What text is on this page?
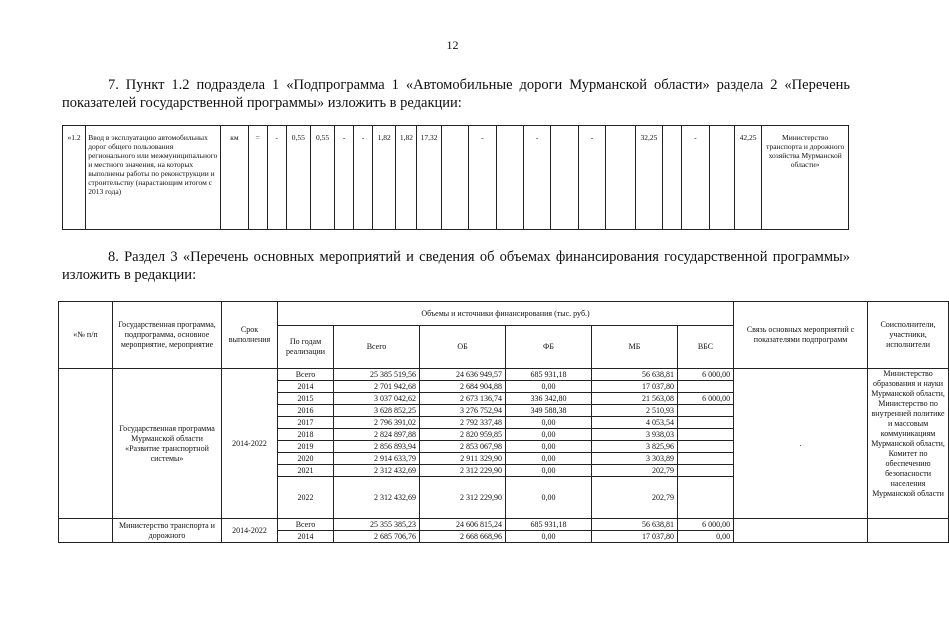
12
7. Пункт 1.2 подраздела 1 «Подпрограмма 1 «Автомобильные дороги Мурманской области» раздела 2 «Перечень показателей государственной программы» изложить в редакции:
«1.2	Ввод в эксплуатацию автомобильных дорог общего пользования регионального или межмуниципального и местного значения, на которых выполнены работы по реконструкции и строительству (нарастающим итогом с 2013 года)	км	=	-	0,55	0,55	-	-	1,82	1,82	17,32		-		-		-		32,25		-		42,25	Министерство транспорта и дорожного хозяйства Мурманской области»
8. Раздел 3 «Перечень основных мероприятий и сведения об объемах финансирования государственной программы» изложить в редакции:
«№ п/п	Государственная программа, подпрограмма, основное мероприятие, мероприятие	Срок выполнения	Объемы и источники финансирования (тыс. руб.)						Связь основных мероприятий с показателями подпрограмм	Соисполнители, участники, исполнители
			По годам реализации	Всего	ОБ	ФБ	МБ	ВБС		
	Государственная программа Мурманской области «Развитие транспортной системы»	2014-2022	Всего	25 385 519,56	24 636 949,57	685 931,18	56 638,81	6 000,00	.	Министерство образования и науки Мурманской области, Министерство по внутренней политике и массовым коммуникациям Мурманской области, Комитет по обеспечению безопасности населения Мурманской области
			2014	2 701 942,68	2 684 904,88	0,00	17 037,80			
			2015	3 037 042,62	2 673 136,74	336 342,80	21 563,08	6 000,00		
			2016	3 628 852,25	3 276 752,94	349 588,38	2 510,93			
			2017	2 796 391,02	2 792 337,48	0,00	4 053,54			
			2018	2 824 897,88	2 820 959,85	0,00	3 938,03			
			2019	2 856 893,94	2 853 067,98	0,00	3 825,96			
			2020	2 914 633,79	2 911 329,90	0,00	3 303,89			
			2021	2 312 432,69	2 312 229,90	0,00	202,79			
			2022	2 312 432,69	2 312 229,90	0,00	202,79			
	Министерство транспорта и дорожного	2014-2022	Всего	25 355 385,23	24 606 815,24	685 931,18	56 638,81	6 000,00		
			2014	2 685 706,76	2 668 668,96	0,00	17 037,80	0,00		
